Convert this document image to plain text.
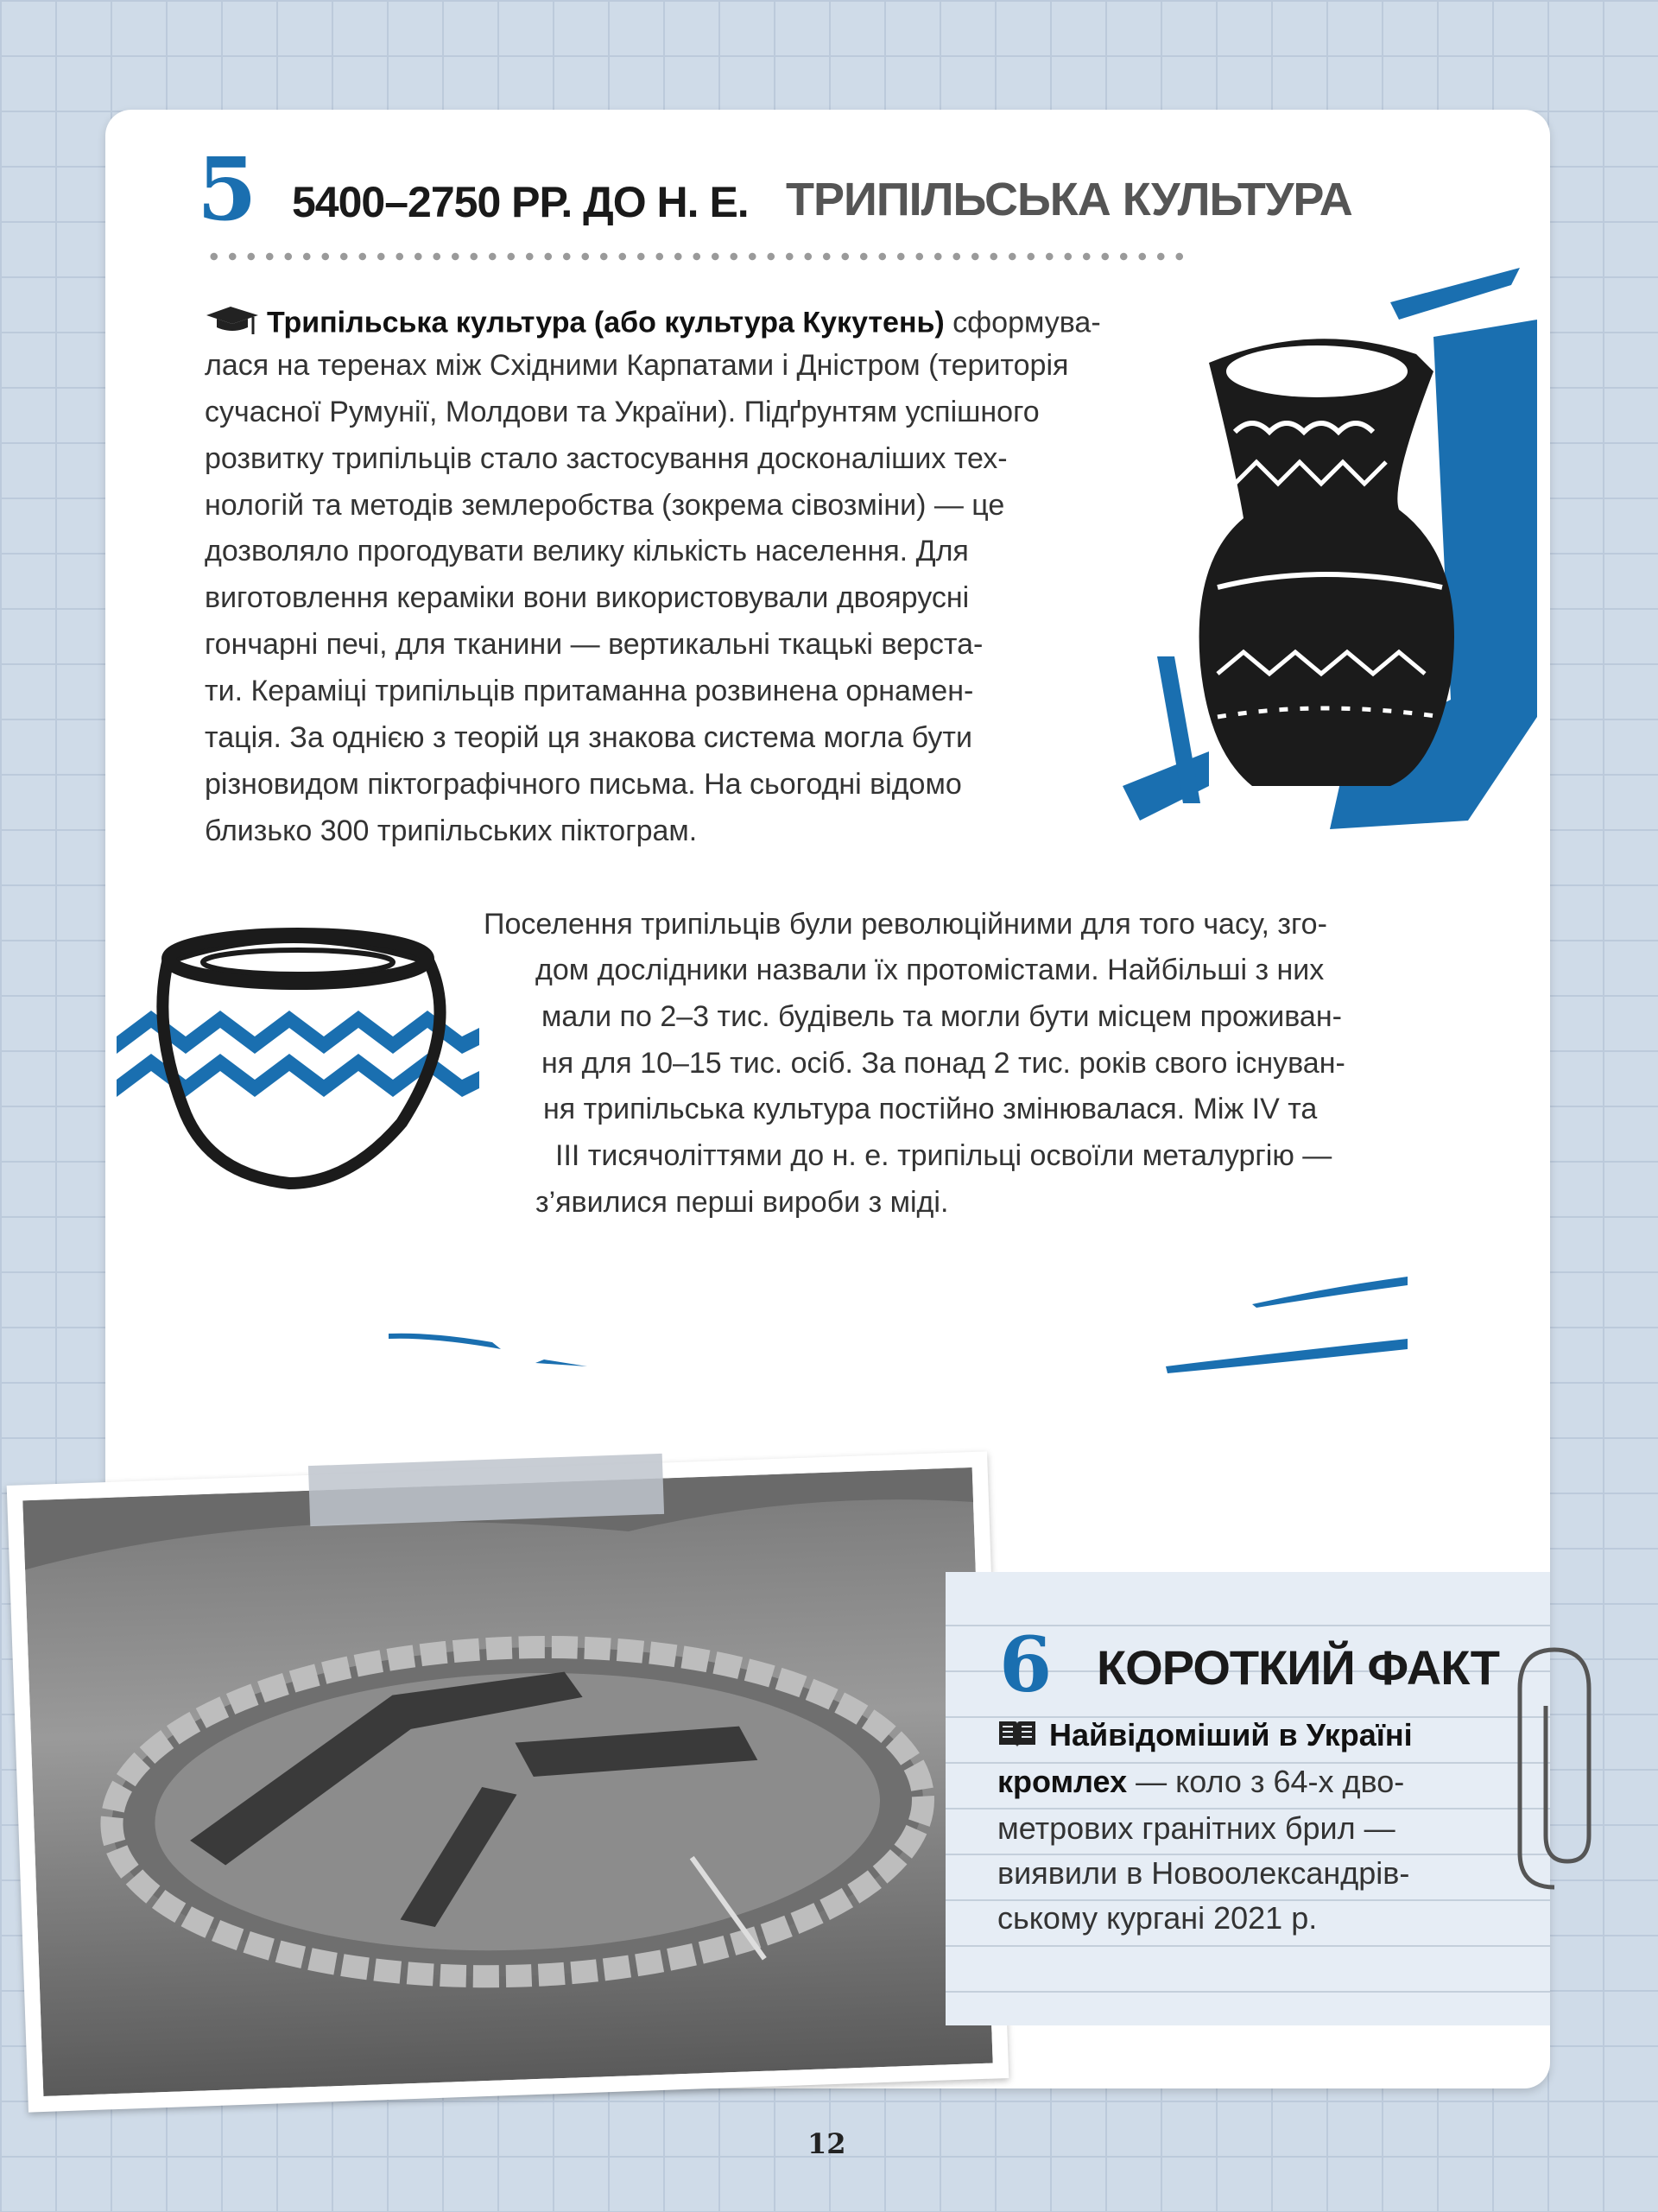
5 5400–2750 РР. ДО Н. Е. ТРИПІЛЬСЬКА КУЛЬТУРА
Трипільська культура (або культура Кукутень) сформува-
лася на теренах між Східними Карпатами і Дністром (територія
сучасної Румунії, Молдови та України). Підґрунтям успішного
розвитку трипільців стало застосування досконаліших тех-
нологій та методів землеробства (зокрема сівозміни) — це
дозволяло прогодувати велику кількість населення. Для
виготовлення кераміки вони використовували двоярусні
гончарні печі, для тканини — вертикальні ткацькі верста-
ти. Кераміці трипільців притаманна розвинена орнамен-
тація. За однією з теорій ця знакова система могла бути
різновидом піктографічного письма. На сьогодні відомо
близько 300 трипільських піктограм.
Поселення трипільців були революційними для того часу, зго-
дом дослідники назвали їх протомістами. Найбільші з них
мали по 2–3 тис. будівель та могли бути місцем проживан-
ня для 10–15 тис. осіб. За понад 2 тис. років свого існуван-
ня трипільська культура постійно змінювалася. Між IV та
III тисячоліттями до н. е. трипільці освоїли металургію —
з’явилися перші вироби з міді.
6 КОРОТКИЙ ФАКТ
Найвідоміший в Україні
кромлех — коло з 64-х дво-
метрових гранітних брил —
виявили в Новоолександрів-
ському кургані 2021 р.
12
